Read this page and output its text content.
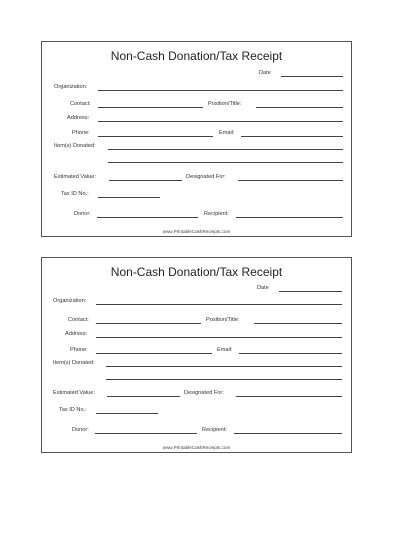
Non-Cash Donation/Tax Receipt
Date
Organization:
Contact:	Position/Title:
Address:
Phone:	Email:
Item(s) Donated:
Estimated Value:	Designated For:
Tax ID No.:
Donor:	Recipient:
www.PrintableCashReceipts.com
Non-Cash Donation/Tax Receipt
Date
Organization:
Contact:	Position/Title:
Address:
Phone:	Email:
Item(s) Donated:
Estimated Value:	Designated For:
Tax ID No.:
Donor:	Recipient:
www.PrintableCashReceipts.com
